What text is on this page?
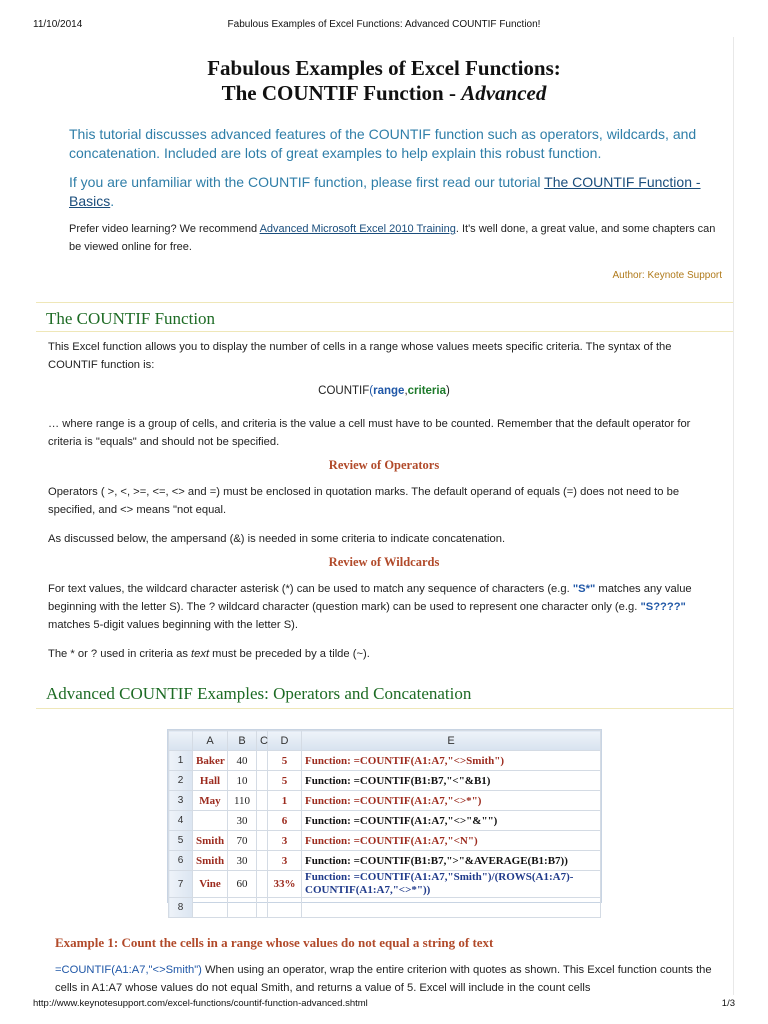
11/10/2014	Fabulous Examples of Excel Functions: Advanced COUNTIF Function!
Fabulous Examples of Excel Functions:
The COUNTIF Function - Advanced
This tutorial discusses advanced features of the COUNTIF function such as operators, wildcards, and concatenation. Included are lots of great examples to help explain this robust function.
If you are unfamiliar with the COUNTIF function, please first read our tutorial The COUNTIF Function - Basics.
Prefer video learning? We recommend Advanced Microsoft Excel 2010 Training. It's well done, a great value, and some chapters can be viewed online for free.
Author: Keynote Support
The COUNTIF Function
This Excel function allows you to display the number of cells in a range whose values meets specific criteria. The syntax of the COUNTIF function is:
COUNTIF(range,criteria)
… where range is a group of cells, and criteria is the value a cell must have to be counted. Remember that the default operator for criteria is "equals" and should not be specified.
Review of Operators
Operators ( >, <, >=, <=, <> and =) must be enclosed in quotation marks. The default operand of equals (=) does not need to be specified, and <> means "not equal.
As discussed below, the ampersand (&) is needed in some criteria to indicate concatenation.
Review of Wildcards
For text values, the wildcard character asterisk (*) can be used to match any sequence of characters (e.g. "S*" matches any value beginning with the letter S). The ? wildcard character (question mark) can be used to represent one character only (e.g. "S????" matches 5-digit values beginning with the letter S).
The * or ? used in criteria as text must be preceded by a tilde (~).
Advanced COUNTIF Examples: Operators and Concatenation
	A	B	C	D	E
1	Baker	40		5	Function: =COUNTIF(A1:A7,"<>Smith")
2	Hall	10		5	Function: =COUNTIF(B1:B7,"<"&B1)
3	May	110		1	Function: =COUNTIF(A1:A7,"<>*")
4		30		6	Function: =COUNTIF(A1:A7,"<>"&"")
5	Smith	70		3	Function: =COUNTIF(A1:A7,"<N")
6	Smith	30		3	Function: =COUNTIF(B1:B7,">"&AVERAGE(B1:B7))
7	Vine	60		33%	Function: =COUNTIF(A1:A7,"Smith")/(ROWS(A1:A7)-COUNTIF(A1:A7,"<>*"))
8					
Example 1: Count the cells in a range whose values do not equal a string of text
=COUNTIF(A1:A7,"<>Smith") When using an operator, wrap the entire criterion with quotes as shown. This Excel function counts the cells in A1:A7 whose values do not equal Smith, and returns a value of 5. Excel will include in the count cells
http://www.keynotesupport.com/excel-functions/countif-function-advanced.shtml	1/3
